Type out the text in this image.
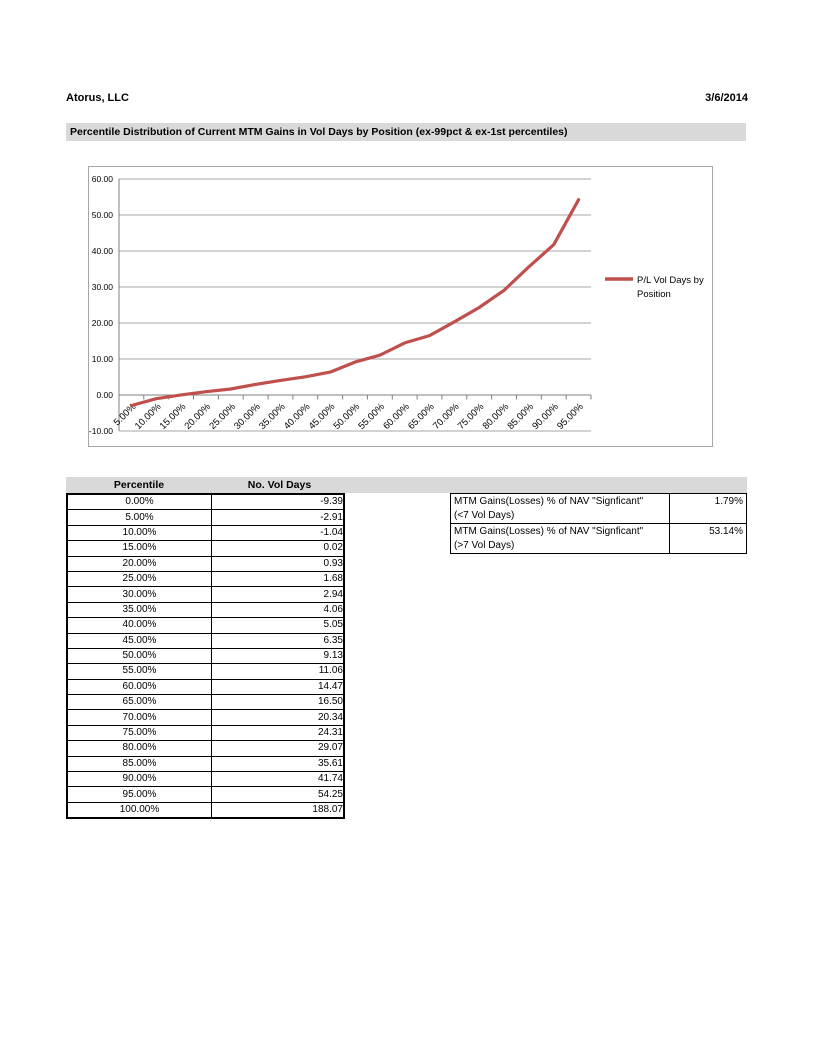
Atorus, LLC	3/6/2014
Percentile Distribution of Current MTM Gains in Vol Days by Position (ex-99pct & ex-1st percentiles)
-10.00
0.00
10.00
20.00
30.00
40.00
50.00
60.00
5.00%
10.00%
15.00%
20.00%
25.00%
30.00%
35.00%
40.00%
45.00%
50.00%
55.00%
60.00%
65.00%
70.00%
75.00%
80.00%
85.00%
90.00%
95.00%
P/L Vol Days by
Position
Percentile	No. Vol Days
0.00%	-9.39
5.00%	-2.91
10.00%	-1.04
15.00%	0.02
20.00%	0.93
25.00%	1.68
30.00%	2.94
35.00%	4.06
40.00%	5.05
45.00%	6.35
50.00%	9.13
55.00%	11.06
60.00%	14.47
65.00%	16.50
70.00%	20.34
75.00%	24.31
80.00%	29.07
85.00%	35.61
90.00%	41.74
95.00%	54.25
100.00%	188.07
MTM Gains(Losses) % of NAV "Signficant"
(<7 Vol Days)	1.79%

MTM Gains(Losses) % of NAV "Signficant"
(>7 Vol Days)	53.14%
